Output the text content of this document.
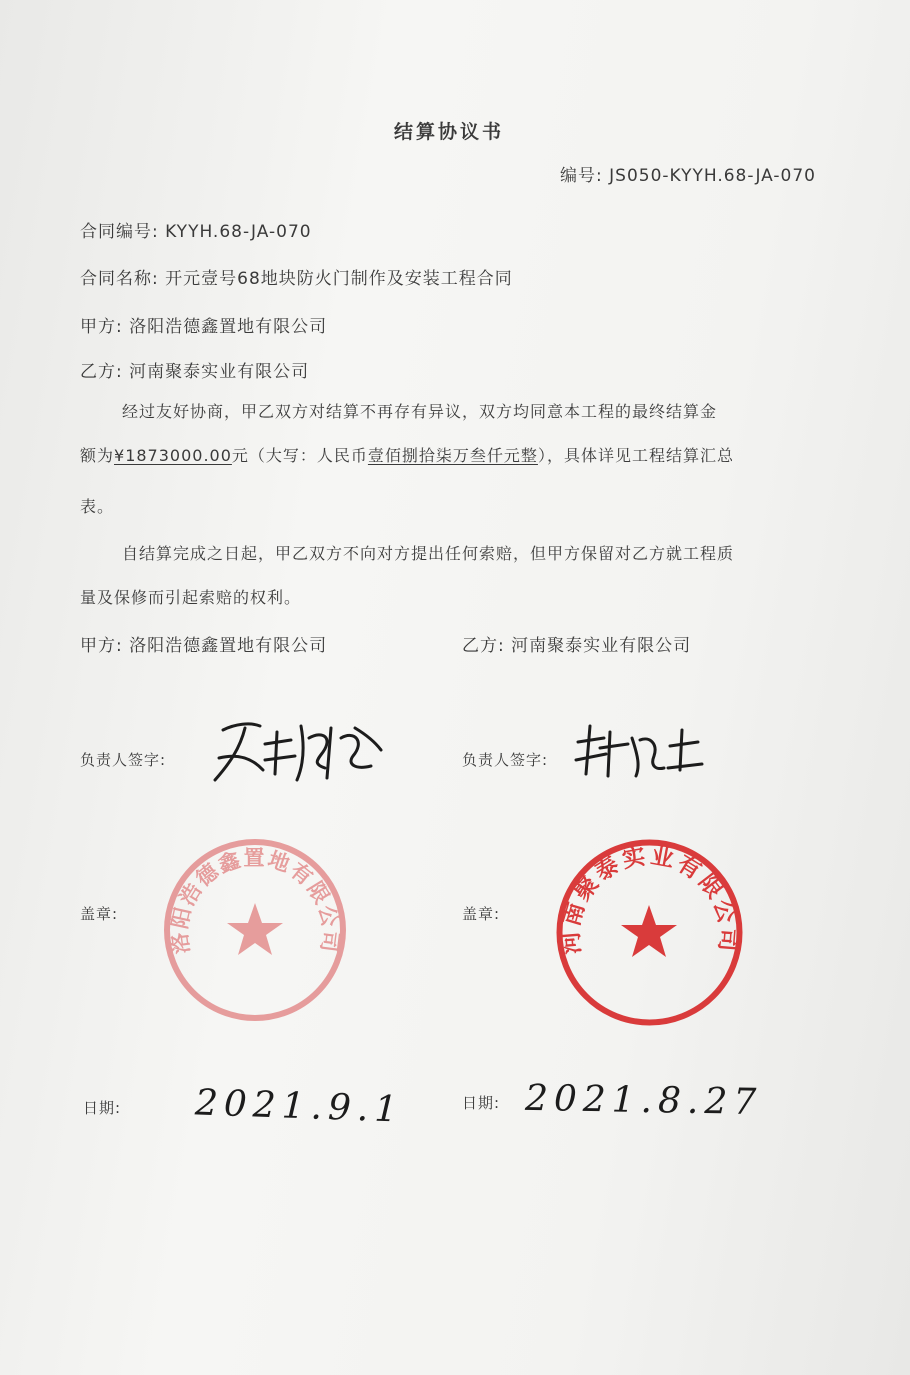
结算协议书
编号: JS050-KYYH.68-JA-070
合同编号: KYYH.68-JA-070
合同名称: 开元壹号68地块防火门制作及安装工程合同
甲方: 洛阳浩德鑫置地有限公司
乙方: 河南聚泰实业有限公司
经过友好协商，甲乙双方对结算不再存有异议，双方均同意本工程的最终结算金
额为¥1873000.00元（大写：人民币壹佰捌拾柒万叁仟元整），具体详见工程结算汇总
表。
自结算完成之日起，甲乙双方不向对方提出任何索赔，但甲方保留对乙方就工程质
量及保修而引起索赔的权利。
甲方: 洛阳浩德鑫置地有限公司	乙方: 河南聚泰实业有限公司
负责人签字:	负责人签字:
盖章:	盖章:
洛阳浩德鑫置地有限公司	河南聚泰实业有限公司
日期:	日期:
2021.9.1	2021.8.27
